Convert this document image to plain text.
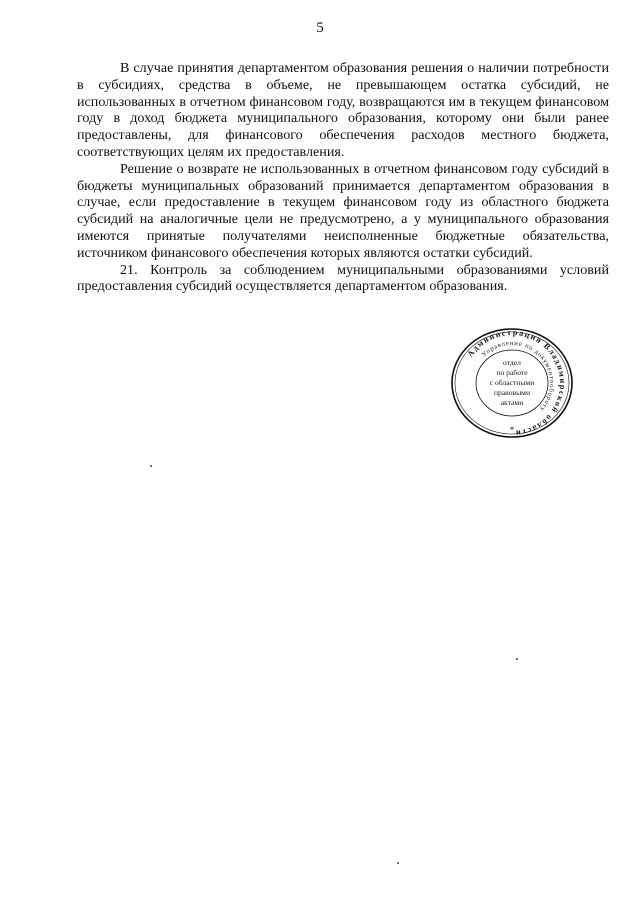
5

В случае принятия департаментом образования решения о наличии потребности в субсидиях, средства в объеме, не превышающем остатка субсидий, не использованных в отчетном финансовом году, возвращаются им в текущем финансовом году в доход бюджета муниципального образования, которому они были ранее предоставлены, для финансового обеспечения расходов местного бюджета, соответствующих целям их предоставления.

Решение о возврате не использованных в отчетном финансовом году субсидий в бюджеты муниципальных образований принимается департаментом образования в случае, если предоставление в текущем финансовом году из областного бюджета субсидий на аналогичные цели не предусмотрено, а у муниципального образования имеются принятые получателями неисполненные бюджетные обязательства, источником финансового обеспечения которых являются остатки субсидий.

21. Контроль за соблюдением муниципальными образованиями условий предоставления субсидий осуществляется департаментом образования.

Администрация Владимирской области
Управление по документообороту
отдел
по работе
с областными
правовыми
актами
*
